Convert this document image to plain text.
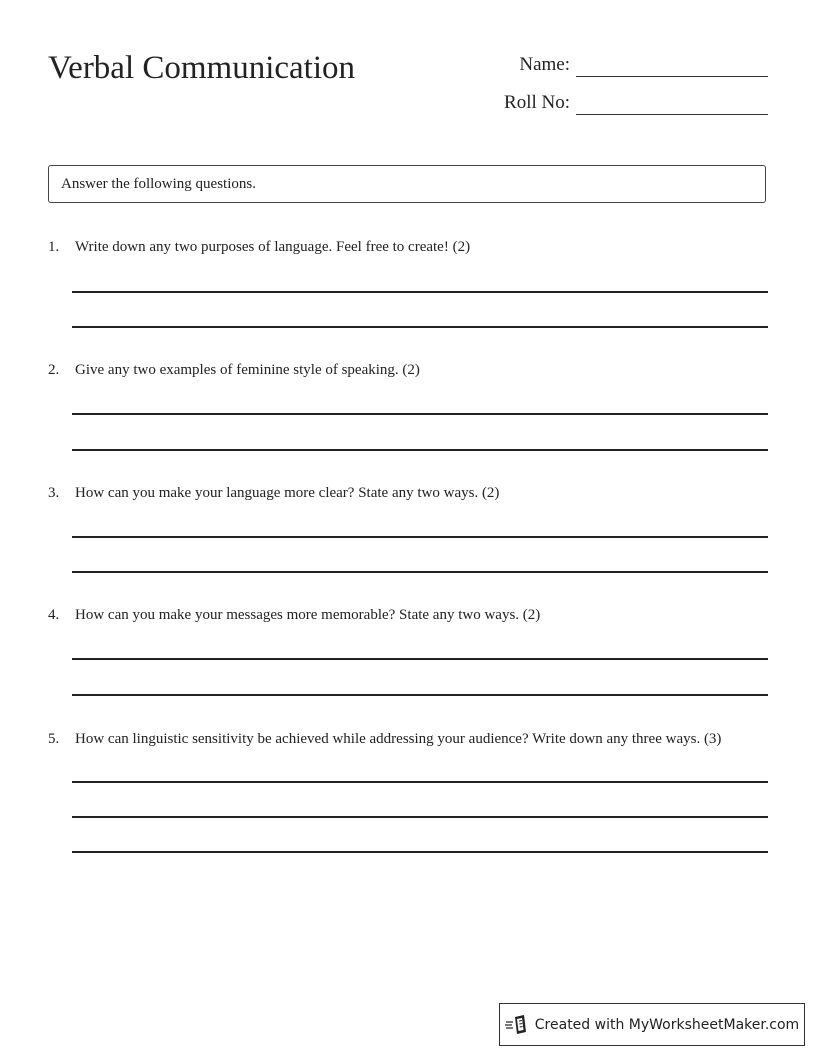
Verbal Communication	Name:
Roll No:
Answer the following questions.
1.	Write down any two purposes of language. Feel free to create! (2)
2.	Give any two examples of feminine style of speaking. (2)
3.	How can you make your language more clear? State any two ways. (2)
4.	How can you make your messages more memorable? State any two ways. (2)
5.	How can linguistic sensitivity be achieved while addressing your audience? Write down any three ways. (3)
Created with MyWorksheetMaker.com
